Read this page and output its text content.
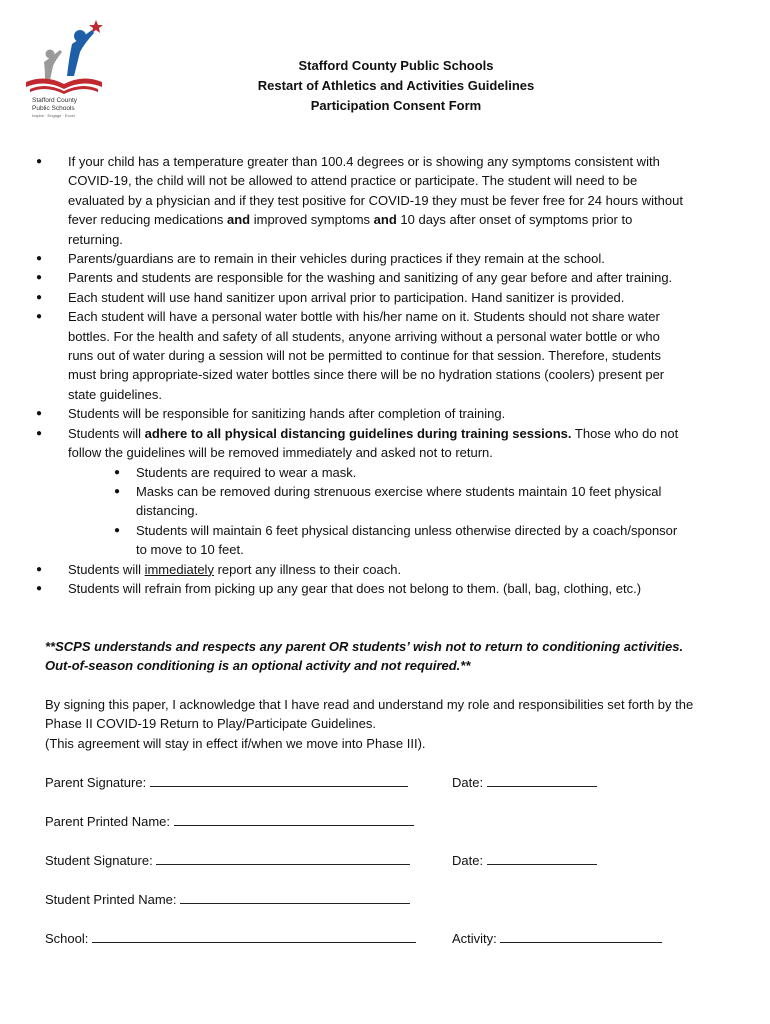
Stafford County
Public Schools
Inspire · Engage · Excel
Stafford County Public Schools
Restart of Athletics and Activities Guidelines
Participation Consent Form
● If your child has a temperature greater than 100.4 degrees or is showing any symptoms consistent with COVID-19, the child will not be allowed to attend practice or participate. The student will need to be evaluated by a physician and if they test positive for COVID-19 they must be fever free for 24 hours without fever reducing medications and improved symptoms and 10 days after onset of symptoms prior to returning.
● Parents/guardians are to remain in their vehicles during practices if they remain at the school.
● Parents and students are responsible for the washing and sanitizing of any gear before and after training.
● Each student will use hand sanitizer upon arrival prior to participation. Hand sanitizer is provided.
● Each student will have a personal water bottle with his/her name on it. Students should not share water bottles. For the health and safety of all students, anyone arriving without a personal water bottle or who runs out of water during a session will not be permitted to continue for that session. Therefore, students must bring appropriate-sized water bottles since there will be no hydration stations (coolers) present per state guidelines.
● Students will be responsible for sanitizing hands after completion of training.
● Students will adhere to all physical distancing guidelines during training sessions. Those who do not follow the guidelines will be removed immediately and asked not to return.
● Students are required to wear a mask.
● Masks can be removed during strenuous exercise where students maintain 10 feet physical distancing.
● Students will maintain 6 feet physical distancing unless otherwise directed by a coach/sponsor to move to 10 feet.
● Students will immediately report any illness to their coach.
● Students will refrain from picking up any gear that does not belong to them. (ball, bag, clothing, etc.)
**SCPS understands and respects any parent OR students’ wish not to return to conditioning activities. Out-of-season conditioning is an optional activity and not required.**
By signing this paper, I acknowledge that I have read and understand my role and responsibilities set forth by the Phase II COVID-19 Return to Play/Participate Guidelines.
(This agreement will stay in effect if/when we move into Phase III).
Parent Signature:	Date:
Parent Printed Name:
Student Signature:	Date:
Student Printed Name:
School:	Activity:
